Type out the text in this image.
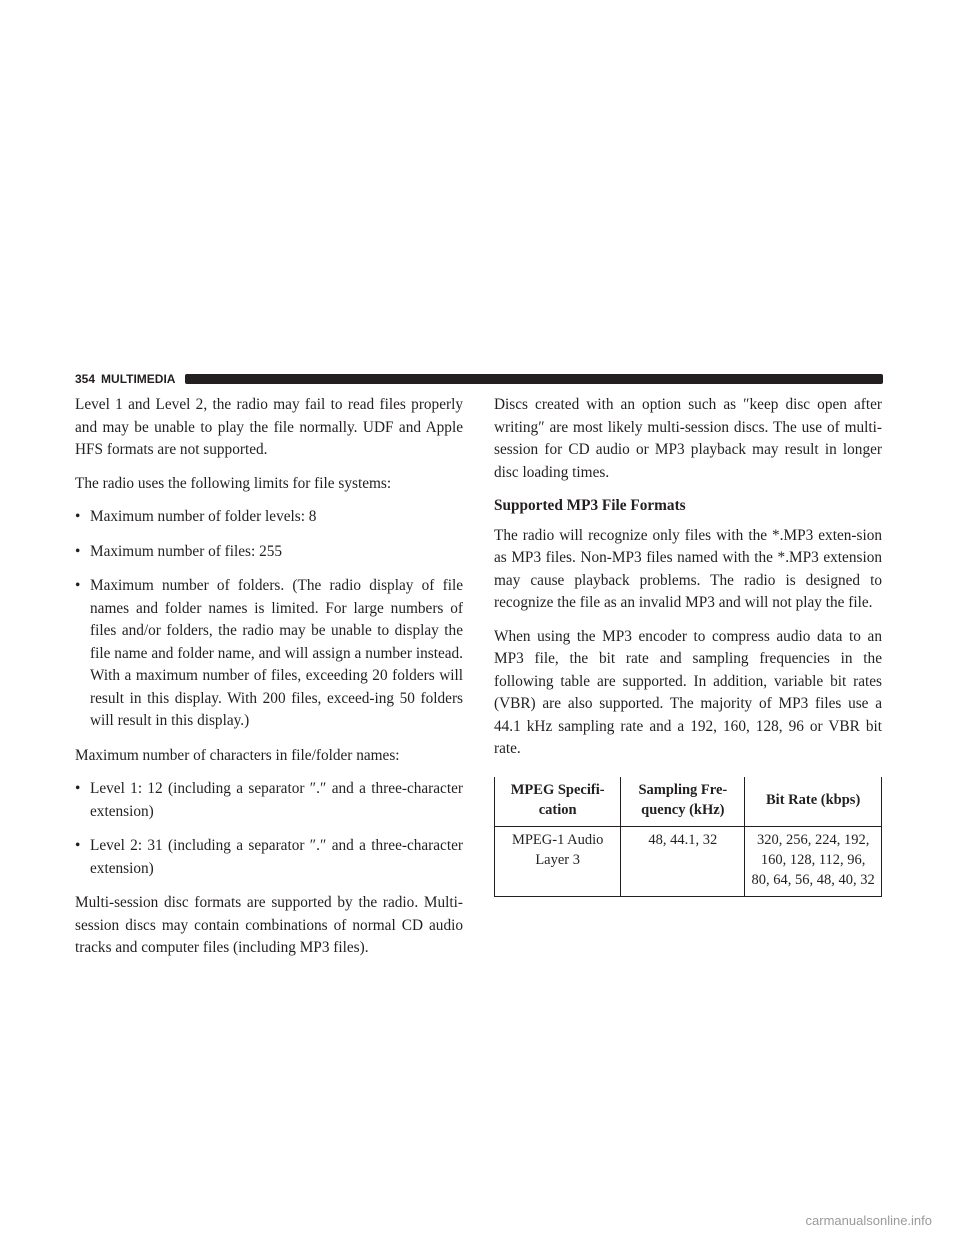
354 MULTIMEDIA

Level 1 and Level 2, the radio may fail to read files properly and may be unable to play the file normally. UDF and Apple HFS formats are not supported.

The radio uses the following limits for file systems:

• Maximum number of folder levels: 8
• Maximum number of files: 255
• Maximum number of folders. (The radio display of file names and folder names is limited. For large numbers of files and/or folders, the radio may be unable to display the file name and folder name, and will assign a number instead. With a maximum number of files, exceeding 20 folders will result in this display. With 200 files, exceed-ing 50 folders will result in this display.)

Maximum number of characters in file/folder names:

• Level 1: 12 (including a separator ″.″ and a three-character extension)
• Level 2: 31 (including a separator ″.″ and a three-character extension)

Multi-session disc formats are supported by the radio. Multi-session discs may contain combinations of normal CD audio tracks and computer files (including MP3 files).

Discs created with an option such as ″keep disc open after writing″ are most likely multi-session discs. The use of multi-session for CD audio or MP3 playback may result in longer disc loading times.

Supported MP3 File Formats

The radio will recognize only files with the *.MP3 exten-sion as MP3 files. Non-MP3 files named with the *.MP3 extension may cause playback problems. The radio is designed to recognize the file as an invalid MP3 and will not play the file.

When using the MP3 encoder to compress audio data to an MP3 file, the bit rate and sampling frequencies in the following table are supported. In addition, variable bit rates (VBR) are also supported. The majority of MP3 files use a 44.1 kHz sampling rate and a 192, 160, 128, 96 or VBR bit rate.

MPEG Specifi-cation	Sampling Fre-quency (kHz)	Bit Rate (kbps)
MPEG-1 Audio Layer 3	48, 44.1, 32	320, 256, 224, 192, 160, 128, 112, 96, 80, 64, 56, 48, 40, 32
carmanualsonline.info
